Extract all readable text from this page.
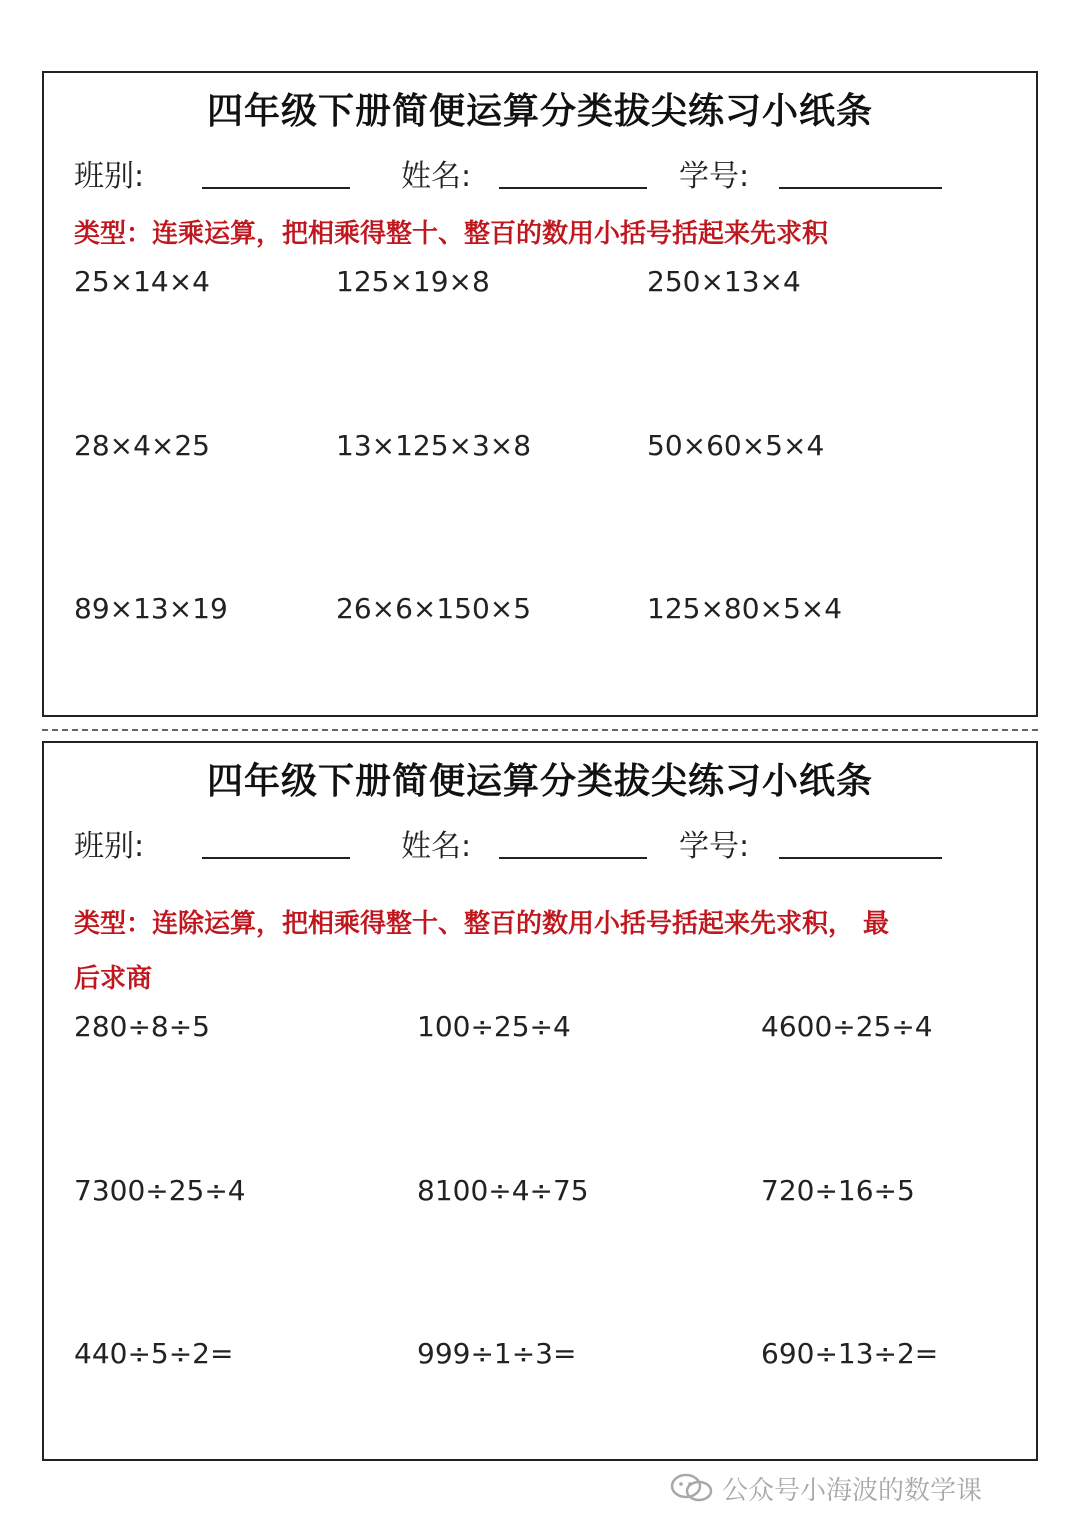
四年级下册简便运算分类拔尖练习小纸条
班别:	姓名:	学号:
类型：连乘运算，把相乘得整十、整百的数用小括号括起来先求积
25×14×4	125×19×8	250×13×4
28×4×25	13×125×3×8	50×60×5×4
89×13×19	26×6×150×5	125×80×5×4
四年级下册简便运算分类拔尖练习小纸条
班别:	姓名:	学号:
类型：连除运算，把相乘得整十、整百的数用小括号括起来先求积， 最
后求商
280÷8÷5	100÷25÷4	4600÷25÷4
7300÷25÷4	8100÷4÷75	720÷16÷5
440÷5÷2=	999÷1÷3=	690÷13÷2=
公众号小海波的数学课
